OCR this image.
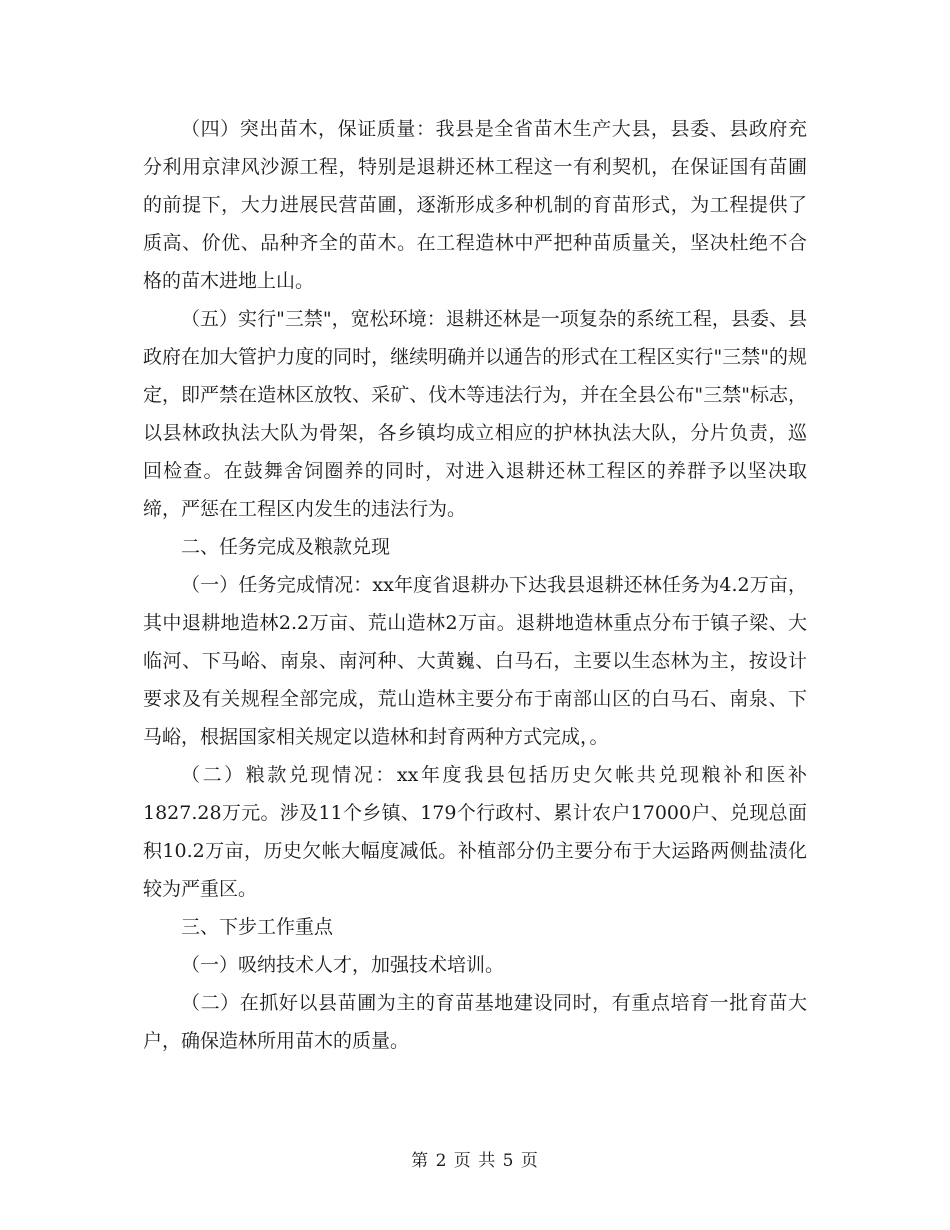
（四）突出苗木，保证质量：我县是全省苗木生产大县，县委、县政府充分利用京津风沙源工程，特别是退耕还林工程这一有利契机，在保证国有苗圃的前提下，大力进展民营苗圃，逐渐形成多种机制的育苗形式，为工程提供了质高、价优、品种齐全的苗木。在工程造林中严把种苗质量关，坚决杜绝不合格的苗木进地上山。

（五）实行"三禁"，宽松环境：退耕还林是一项复杂的系统工程，县委、县政府在加大管护力度的同时，继续明确并以通告的形式在工程区实行"三禁"的规定，即严禁在造林区放牧、采矿、伐木等违法行为，并在全县公布"三禁"标志，以县林政执法大队为骨架，各乡镇均成立相应的护林执法大队，分片负责，巡回检查。在鼓舞舍饲圈养的同时，对进入退耕还林工程区的养群予以坚决取缔，严惩在工程区内发生的违法行为。

二、任务完成及粮款兑现

（一）任务完成情况：xx年度省退耕办下达我县退耕还林任务为4.2万亩，其中退耕地造林2.2万亩、荒山造林2万亩。退耕地造林重点分布于镇子梁、大临河、下马峪、南泉、南河种、大黄巍、白马石，主要以生态林为主，按设计要求及有关规程全部完成，荒山造林主要分布于南部山区的白马石、南泉、下马峪，根据国家相关规定以造林和封育两种方式完成，。

（二）粮款兑现情况：xx年度我县包括历史欠帐共兑现粮补和医补1827.28万元。涉及11个乡镇、179个行政村、累计农户17000户、兑现总面积10.2万亩，历史欠帐大幅度减低。补植部分仍主要分布于大运路两侧盐渍化较为严重区。

三、下步工作重点

（一）吸纳技术人才，加强技术培训。

（二）在抓好以县苗圃为主的育苗基地建设同时，有重点培育一批育苗大户，确保造林所用苗木的质量。

第 2 页 共 5 页
